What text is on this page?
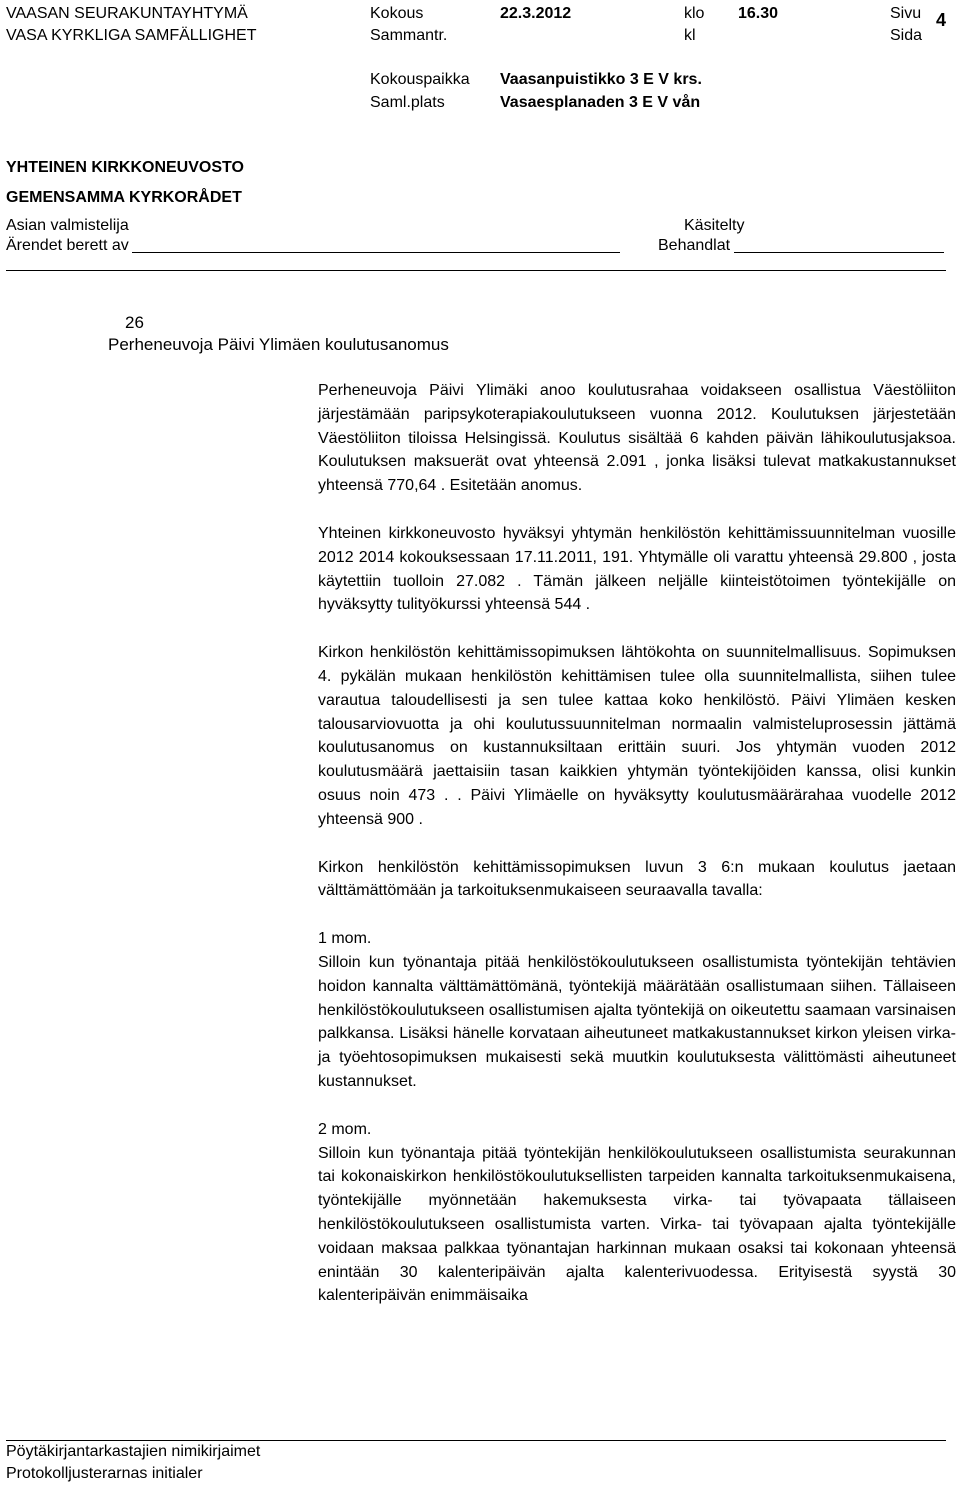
VAASAN SEURAKUNTAYHTYMÄ
VASA KYRKLIGA SAMFÄLLIGHET
Kokous
Sammantr.
22.3.2012	klo
kl
16.30	Sivu
Sida
4
Kokouspaikka
Saml.plats
Vaasanpuistikko 3 E V krs.
Vasaesplanaden 3 E V vån
YHTEINEN KIRKKONEUVOSTO
GEMENSAMMA KYRKORÅDET
Asian valmistelija
Ärendet berett av
Käsitelty
Behandlat
26
Perheneuvoja Päivi Ylimäen koulutusanomus

Perheneuvoja Päivi Ylimäki anoo koulutusrahaa voidakseen osallistua Väestöliiton järjestämään paripsykoterapiakoulutukseen vuonna 2012. Koulutuksen järjestetään Väestöliiton tiloissa Helsingissä. Koulutus sisältää 6 kahden päivän lähikoulutusjaksoa. Koulutuksen maksuerät ovat yhteensä 2.091 , jonka lisäksi tulevat matkakustannukset yhteensä 770,64 . Esitetään anomus.

Yhteinen kirkkoneuvosto hyväksyi yhtymän henkilöstön kehittämissuunnitelman vuosille 2012 2014 kokouksessaan 17.11.2011, 191. Yhtymälle oli varattu yhteensä 29.800 , josta käytettiin tuolloin 27.082 . Tämän jälkeen neljälle kiinteistötoimen työntekijälle on hyväksytty tulityökurssi yhteensä 544 .

Kirkon henkilöstön kehittämissopimuksen lähtökohta on suunnitelmallisuus. Sopimuksen 4. pykälän mukaan henkilöstön kehittämisen tulee olla suunnitelmallista, siihen tulee varautua taloudellisesti ja sen tulee kattaa koko henkilöstö. Päivi Ylimäen kesken talousarviovuotta ja ohi koulutussuunnitelman normaalin valmisteluprosessin jättämä koulutusanomus on kustannuksiltaan erittäin suuri. Jos yhtymän vuoden 2012 koulutusmäärä jaettaisiin tasan kaikkien yhtymän työntekijöiden kanssa, olisi kunkin osuus noin 473 . . Päivi Ylimäelle on hyväksytty koulutusmäärärahaa vuodelle 2012 yhteensä 900 .

Kirkon henkilöstön kehittämissopimuksen luvun 3 6:n mukaan koulutus jaetaan välttämättömään ja tarkoituksenmukaiseen seuraavalla tavalla:

1 mom.

Silloin kun työnantaja pitää henkilöstökoulutukseen osallistumista työntekijän tehtävien hoidon kannalta välttämättömänä, työntekijä määrätään osallistumaan siihen. Tällaiseen henkilöstökoulutukseen osallistumisen ajalta työntekijä on oikeutettu saamaan varsinaisen palkkansa. Lisäksi hänelle korvataan aiheutuneet matkakustannukset kirkon yleisen virka- ja työehtosopimuksen mukaisesti sekä muutkin koulutuksesta välittömästi aiheutuneet kustannukset.

2 mom.

Silloin kun työnantaja pitää työntekijän henkilökoulutukseen osallistumista seurakunnan tai kokonaiskirkon henkilöstökoulutuksellisten tarpeiden kannalta tarkoituksenmukaisena, työntekijälle myönnetään hakemuksesta virka- tai työvapaata tällaiseen henkilöstökoulutukseen osallistumista varten. Virka- tai työvapaan ajalta työntekijälle voidaan maksaa palkkaa työnantajan harkinnan mukaan osaksi tai kokonaan yhteensä enintään 30 kalenteripäivän ajalta kalenterivuodessa. Erityisestä syystä 30 kalenteripäivän enimmäisaika

Pöytäkirjantarkastajien nimikirjaimet
Protokolljusterarnas initialer
